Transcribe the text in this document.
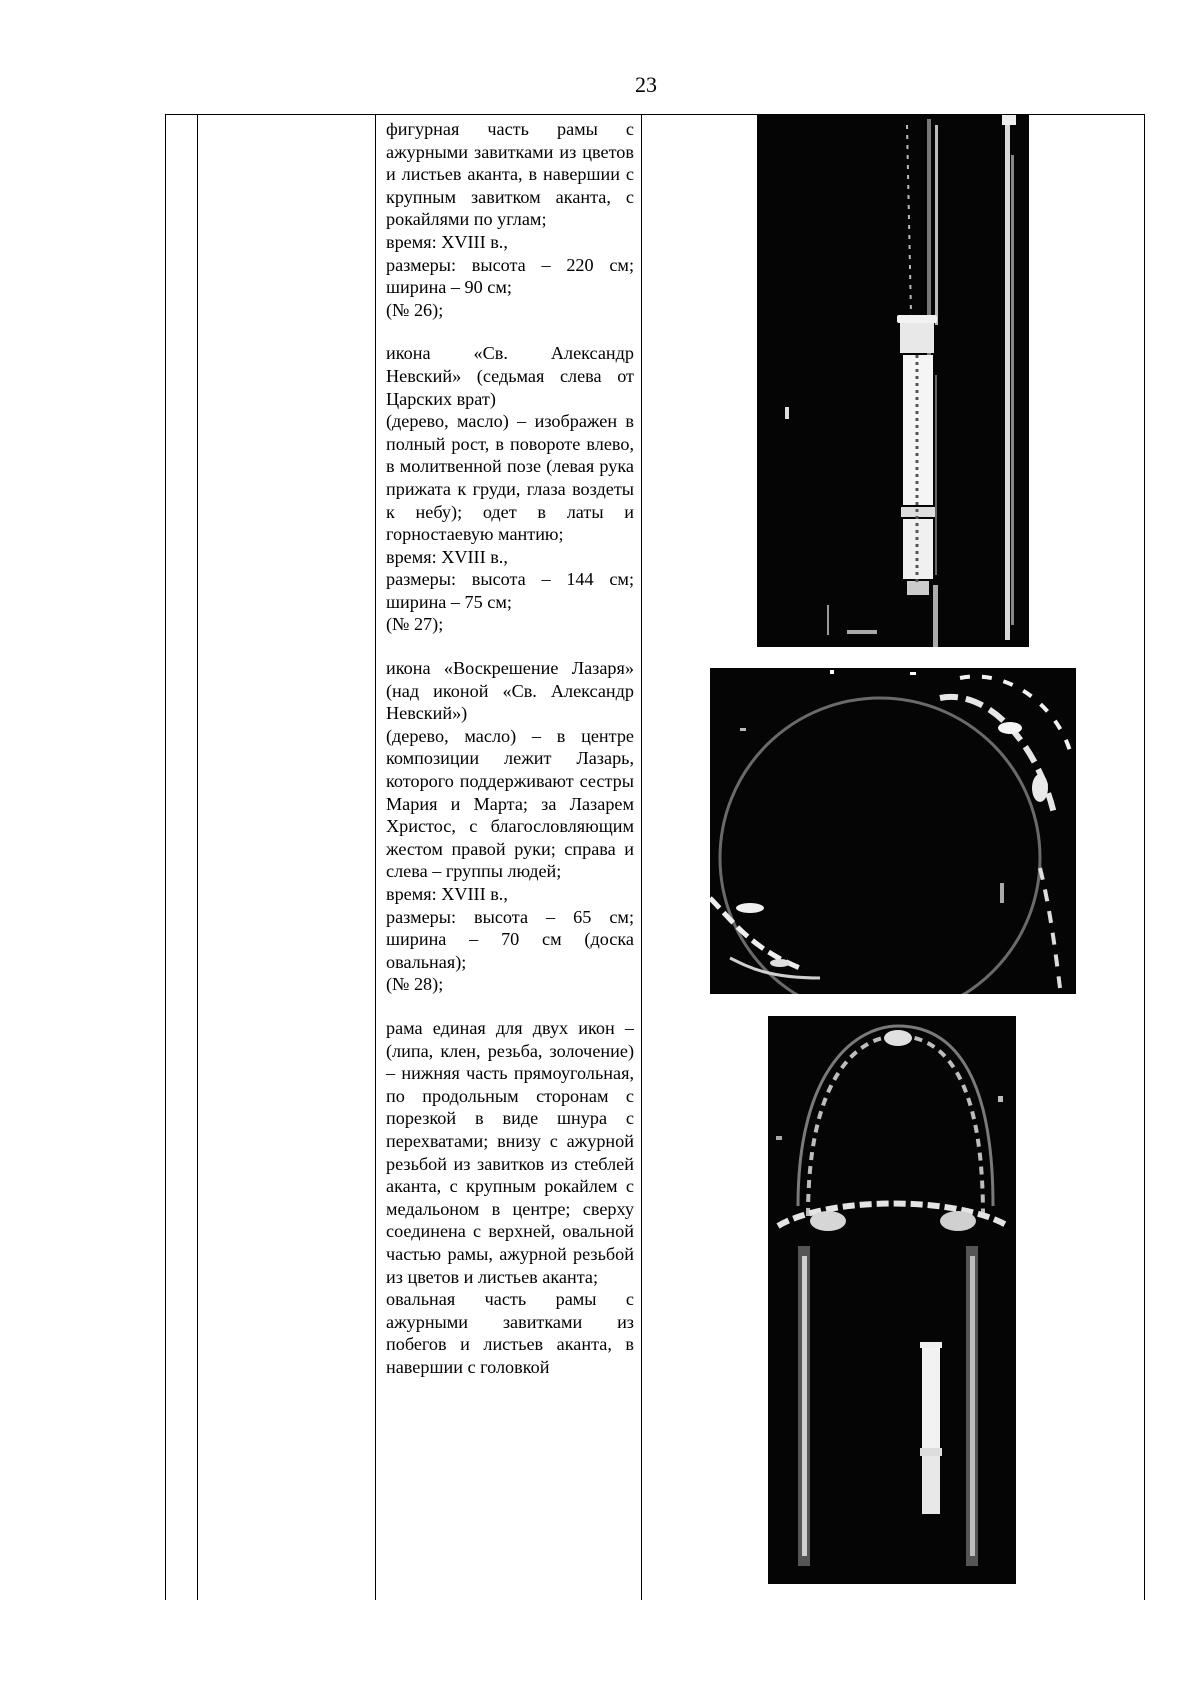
23

фигурная часть рамы с ажурными завитками из цветов и листьев аканта, в навершии с крупным завитком аканта, с рокайлями по углам;

время: XVIII в.,

размеры: высота – 220 см; ширина – 90 см;

(№ 26);

икона «Св. Александр Невский» (седьмая слева от Царских врат)

(дерево, масло) – изображен в полный рост, в повороте влево, в молитвенной позе (левая рука прижата к груди, глаза воздеты к небу); одет в латы и горностаевую мантию;

время: XVIII в.,

размеры: высота – 144 см; ширина – 75 см;

(№ 27);

икона «Воскрешение Лазаря» (над иконой «Св. Александр Невский»)

(дерево, масло) – в центре композиции лежит Лазарь, которого поддерживают сестры Мария и Марта; за Лазарем Христос, с благословляющим жестом правой руки; справа и слева – группы людей;

время: XVIII в.,

размеры: высота – 65 см; ширина – 70 см (доска овальная);

(№ 28);

рама единая для двух икон – (липа, клен, резьба, золочение) – нижняя часть прямоугольная, по продольным сторонам с порезкой в виде шнура с перехватами; внизу с ажурной резьбой из завитков из стеблей аканта, с крупным рокайлем с медальоном в центре; сверху соединена с верхней, овальной частью рамы, ажурной резьбой из цветов и листьев аканта;

овальная часть рамы с ажурными завитками из побегов и листьев аканта, в навершии с головкой
